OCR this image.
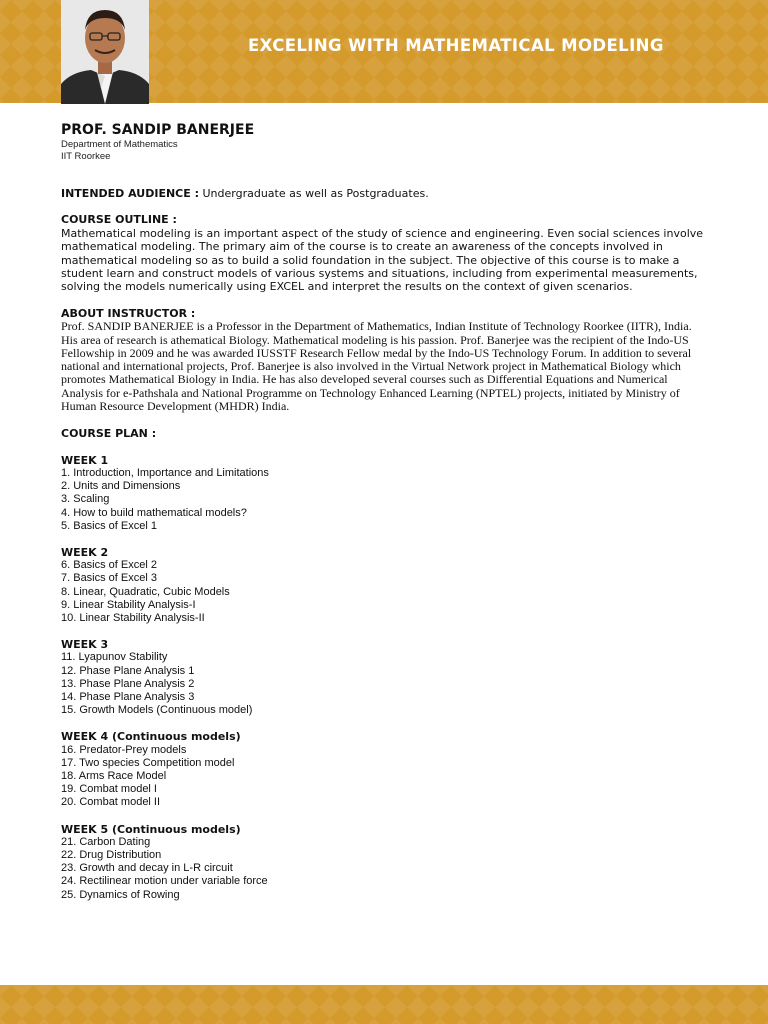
EXCELING WITH MATHEMATICAL MODELING

PROF. SANDIP BANERJEE

Department of Mathematics

IIT Roorkee

INTENDED AUDIENCE : Undergraduate as well as Postgraduates.

COURSE OUTLINE :

Mathematical modeling is an important aspect of the study of science and engineering. Even social sciences involve mathematical modeling. The primary aim of the course is to create an awareness of the concepts involved in mathematical modeling so as to build a solid foundation in the subject. The objective of this course is to make a student learn and construct models of various systems and situations, including from experimental measurements, solving the models numerically using EXCEL and interpret the results on the context of given scenarios.

ABOUT INSTRUCTOR :

Prof. SANDIP BANERJEE is a Professor in the Department of Mathematics, Indian Institute of Technology Roorkee (IITR), India. His area of research is athematical Biology. Mathematical modeling is his passion. Prof. Banerjee was the recipient of the Indo-US Fellowship in 2009 and he was awarded IUSSTF Research Fellow medal by the Indo-US Technology Forum. In addition to several national and international projects, Prof. Banerjee is also involved in the Virtual Network project in Mathematical Biology which promotes Mathematical Biology in India. He has also developed several courses such as Differential Equations and Numerical Analysis for e-Pathshala and National Programme on Technology Enhanced Learning (NPTEL) projects, initiated by Ministry of Human Resource Development (MHDR) India.

COURSE PLAN :

WEEK 1

1. Introduction, Importance and Limitations

2. Units and Dimensions

3. Scaling

4. How to build mathematical models?

5. Basics of Excel 1

WEEK 2

6. Basics of Excel 2

7. Basics of Excel 3

8. Linear, Quadratic, Cubic Models

9. Linear Stability Analysis-I

10. Linear Stability Analysis-II

WEEK 3

11. Lyapunov Stability

12. Phase Plane Analysis 1

13. Phase Plane Analysis 2

14. Phase Plane Analysis 3

15. Growth Models (Continuous model)

WEEK 4 (Continuous models)

16. Predator-Prey models

17. Two species Competition model

18. Arms Race Model

19. Combat model I

20. Combat model II

WEEK 5 (Continuous models)

21. Carbon Dating

22. Drug Distribution

23. Growth and decay in L-R circuit

24. Rectilinear motion under variable force

25. Dynamics of Rowing
